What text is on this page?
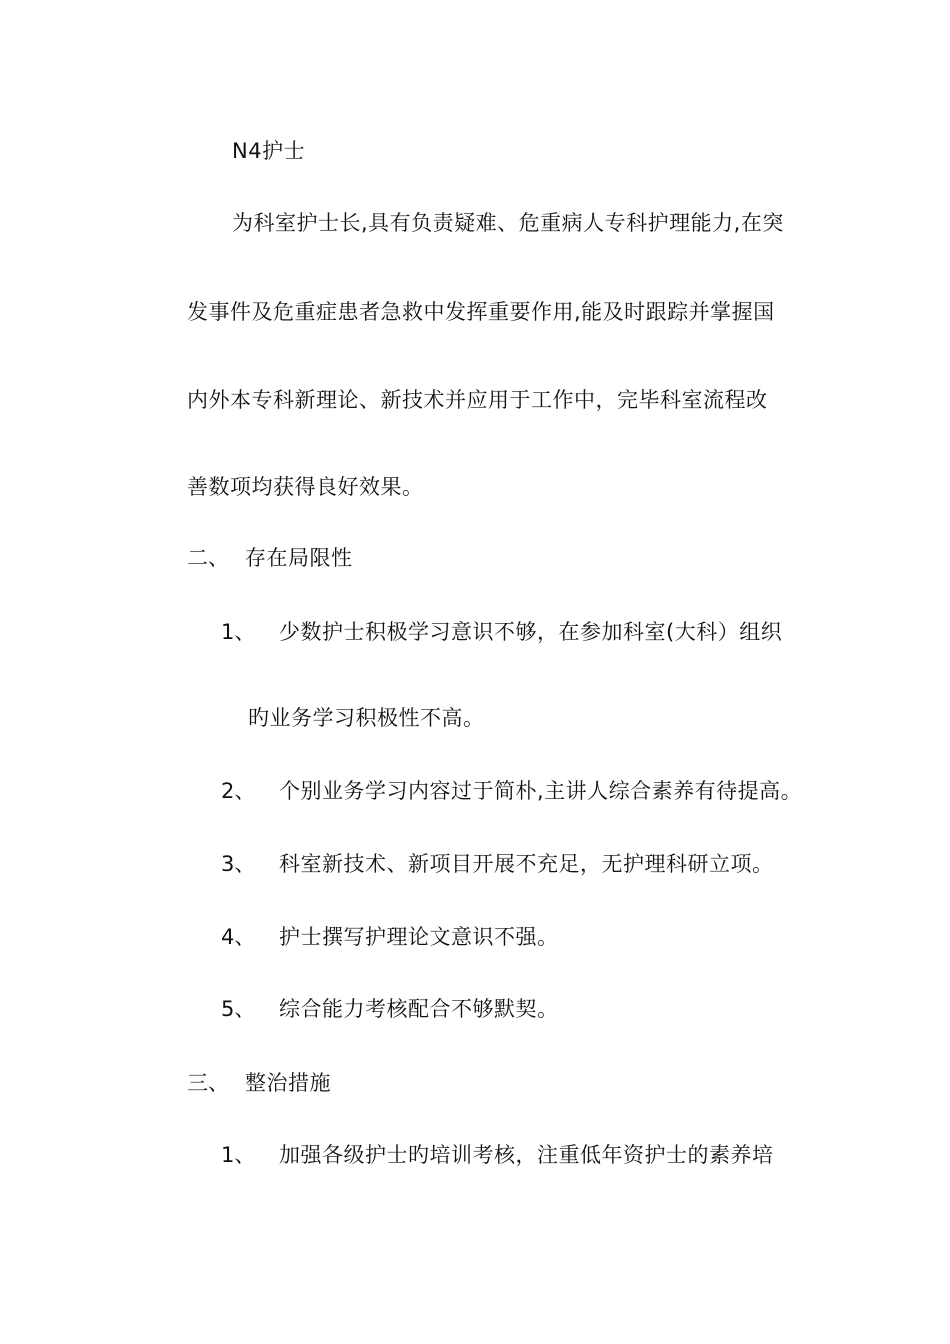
N4护士
为科室护士长,具有负责疑难、危重病人专科护理能力,在突
发事件及危重症患者急救中发挥重要作用,能及时跟踪并掌握国
内外本专科新理论、新技术并应用于工作中，完毕科室流程改
善数项均获得良好效果。
二、 存在局限性
1、 少数护士积极学习意识不够，在参加科室(大科）组织
旳业务学习积极性不高。
2、 个别业务学习内容过于简朴,主讲人综合素养有待提高。
3、 科室新技术、新项目开展不充足，无护理科研立项。
4、 护士撰写护理论文意识不强。
5、 综合能力考核配合不够默契。
三、 整治措施
1、 加强各级护士旳培训考核，注重低年资护士的素养培
